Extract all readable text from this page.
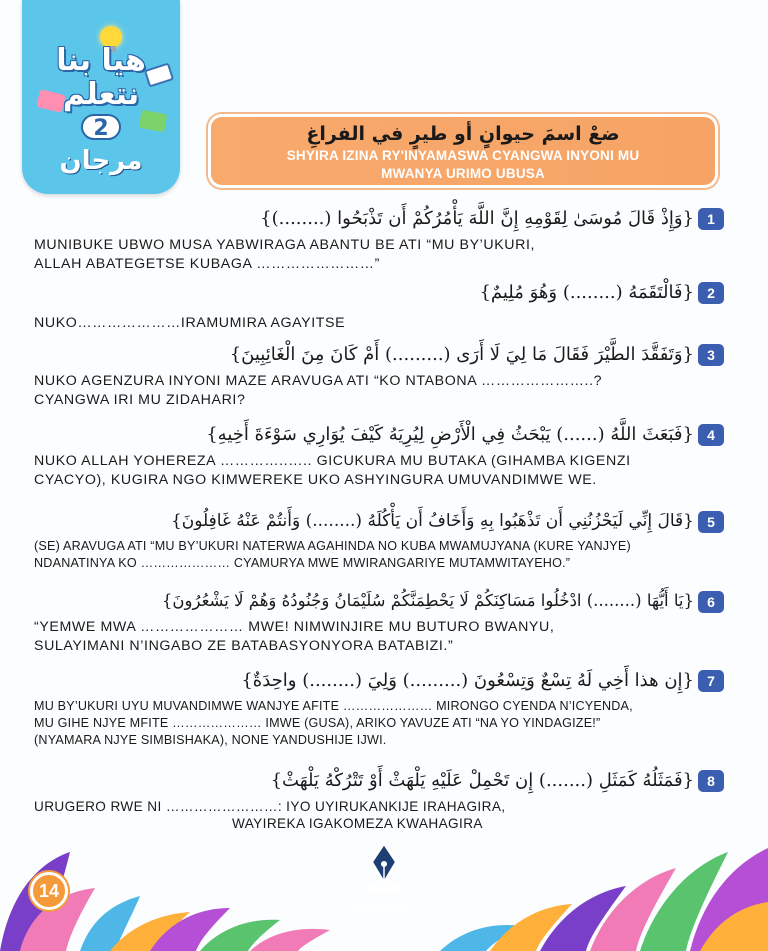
هيا بنا
نتعلم
2
مرجان
ضعْ اسمَ حيوانٍ أو طيرٍ في الفراغِ
SHYIRA IZINA RY'INYAMASWA CYANGWA INYONI MU
MWANYA URIMO UBUSA
1{وَإِذْ قَالَ مُوسَىٰ لِقَوْمِهِ إِنَّ اللَّهَ يَأْمُرُكُمْ أَن تَذْبَحُوا (........)}
MUNIBUKE UBWO MUSA YABWIRAGA ABANTU BE ATI “MU BY’UKURI,
ALLAH ABATEGETSE KUBAGA ……………………”
2{فَالْتَقَمَهُ (........) وَهُوَ مُلِيمٌ}
NUKO…………………IRAMUMIRA AGAYITSE
3{وَتَفَقَّدَ الطَّيْرَ فَقَالَ مَا لِيَ لَا أَرَى (.........) أَمْ كَانَ مِنَ الْغَائِبِينَ}
NUKO AGENZURA INYONI MAZE ARAVUGA ATI “KO NTABONA …………………..?
CYANGWA IRI MU ZIDAHARI?
4{فَبَعَثَ اللَّهُ (......) يَبْحَثُ فِي الْأَرْضِ لِيُرِيَهُ كَيْفَ يُوَارِي سَوْءَةَ أَخِيهِ}
NUKO ALLAH YOHEREZA …………..….. GICUKURA MU BUTAKA (GIHAMBA KIGENZI
CYACYO), KUGIRA NGO KIMWEREKE UKO ASHYINGURA UMUVANDIMWE WE.
5{قَالَ إِنِّي لَيَحْزُنُنِي أَن تَذْهَبُوا بِهِ وَأَخَافُ أَن يَأْكُلَهُ (........) وَأَنتُمْ عَنْهُ غَافِلُونَ}
(SE) ARAVUGA ATI “MU BY’UKURI NATERWA AGAHINDA NO KUBA MWAMUJYANA (KURE YANJYE)
NDANATINYA KO ………………… CYAMURYA MWE MWIRANGARIYE MUTAMWITAYEHO.”
6{يَا أَيُّهَا (........) ادْخُلُوا مَسَاكِنَكُمْ لَا يَحْطِمَنَّكُمْ سُلَيْمَانُ وَجُنُودُهُ وَهُمْ لَا يَشْعُرُونَ}
“YEMWE MWA ………………… MWE! NIMWINJIRE MU BUTURO BWANYU,
SULAYIMANI N’INGABO ZE BATABASYONYORA BATABIZI.”
7{إِن هذا أَخِي لَهُ تِسْعٌ وَتِسْعُونَ (.........) وَلِيَ (........) واحِدَةٌ}
MU BY’UKURI UYU MUVANDIMWE WANJYE AFITE ………………… MIRONGO CYENDA N’ICYENDA,
MU GIHE NJYE MFITE ………………… IMWE (GUSA), ARIKO YAVUZE ATI “NA YO YINDAGIZE!”
(NYAMARA NJYE SIMBISHAKA), NONE YANDUSHIJE IJWI.
8{فَمَثَلُهُ كَمَثَلِ (.......) إِن تَحْمِلْ عَلَيْهِ يَلْهَثْ أَوْ تَتْرُكْهُ يَلْهَثْ}
URUGERO RWE NI ……………………: IYO UYIRUKANKIJE IRAHAGIRA,
WAYIREKA IGAKOMEZA KWAHAGIRA
14
MahadSunnah
